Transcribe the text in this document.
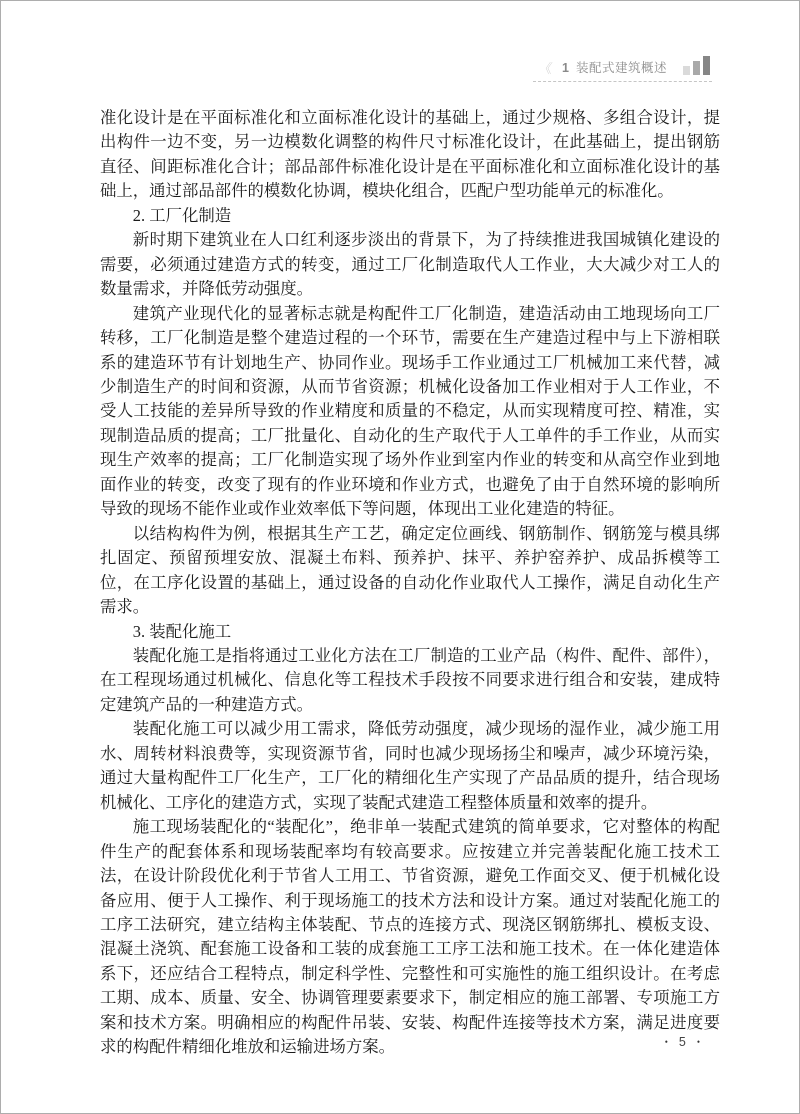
《 1 装配式建筑概述

准化设计是在平面标准化和立面标准化设计的基础上，通过少规格、多组合设计，提出构件一边不变，另一边模数化调整的构件尺寸标准化设计，在此基础上，提出钢筋直径、间距标准化合计；部品部件标准化设计是在平面标准化和立面标准化设计的基础上，通过部品部件的模数化协调，模块化组合，匹配户型功能单元的标准化。

2. 工厂化制造

新时期下建筑业在人口红利逐步淡出的背景下，为了持续推进我国城镇化建设的需要，必须通过建造方式的转变，通过工厂化制造取代人工作业，大大减少对工人的数量需求，并降低劳动强度。

建筑产业现代化的显著标志就是构配件工厂化制造，建造活动由工地现场向工厂转移，工厂化制造是整个建造过程的一个环节，需要在生产建造过程中与上下游相联系的建造环节有计划地生产、协同作业。现场手工作业通过工厂机械加工来代替，减少制造生产的时间和资源，从而节省资源；机械化设备加工作业相对于人工作业，不受人工技能的差异所导致的作业精度和质量的不稳定，从而实现精度可控、精准，实现制造品质的提高；工厂批量化、自动化的生产取代于人工单件的手工作业，从而实现生产效率的提高；工厂化制造实现了场外作业到室内作业的转变和从高空作业到地面作业的转变，改变了现有的作业环境和作业方式，也避免了由于自然环境的影响所导致的现场不能作业或作业效率低下等问题，体现出工业化建造的特征。

以结构构件为例，根据其生产工艺，确定定位画线、钢筋制作、钢筋笼与模具绑扎固定、预留预埋安放、混凝土布料、预养护、抹平、养护窑养护、成品拆模等工位，在工序化设置的基础上，通过设备的自动化作业取代人工操作，满足自动化生产需求。

3. 装配化施工

装配化施工是指将通过工业化方法在工厂制造的工业产品（构件、配件、部件），在工程现场通过机械化、信息化等工程技术手段按不同要求进行组合和安装，建成特定建筑产品的一种建造方式。

装配化施工可以减少用工需求，降低劳动强度，减少现场的湿作业，减少施工用水、周转材料浪费等，实现资源节省，同时也减少现场扬尘和噪声，减少环境污染，通过大量构配件工厂化生产，工厂化的精细化生产实现了产品品质的提升，结合现场机械化、工序化的建造方式，实现了装配式建造工程整体质量和效率的提升。

施工现场装配化的“装配化”，绝非单一装配式建筑的简单要求，它对整体的构配件生产的配套体系和现场装配率均有较高要求。应按建立并完善装配化施工技术工法，在设计阶段优化利于节省人工用工、节省资源，避免工作面交叉、便于机械化设备应用、便于人工操作、利于现场施工的技术方法和设计方案。通过对装配化施工的工序工法研究，建立结构主体装配、节点的连接方式、现浇区钢筋绑扎、模板支设、混凝土浇筑、配套施工设备和工装的成套施工工序工法和施工技术。在一体化建造体系下，还应结合工程特点，制定科学性、完整性和可实施性的施工组织设计。在考虑工期、成本、质量、安全、协调管理要素要求下，制定相应的施工部署、专项施工方案和技术方案。明确相应的构配件吊装、安装、构配件连接等技术方案，满足进度要求的构配件精细化堆放和运输进场方案。	• 5 •
